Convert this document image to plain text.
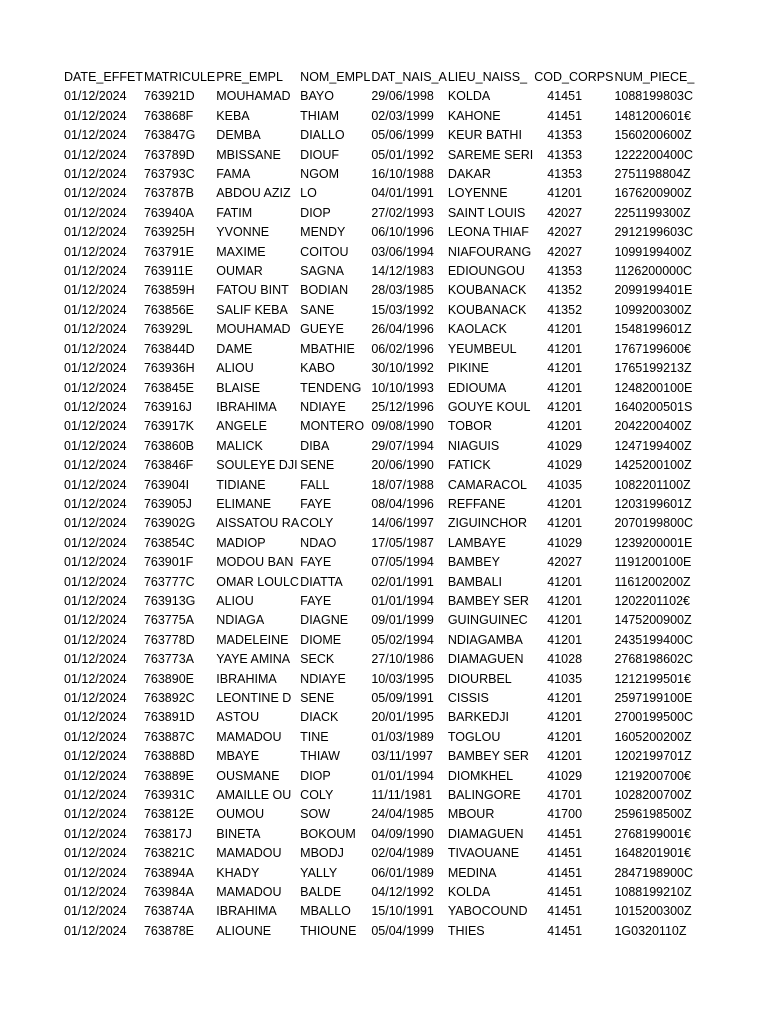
DATE_EFFET	MATRICULE	PRE_EMPL	NOM_EMPL	DAT_NAIS_A	LIEU_NAISS_	COD_CORPS	NUM_PIECE_
01/12/2024	763921D	MOUHAMAD	BAYO	29/06/1998	KOLDA	41451	1088199803C
01/12/2024	763868F	KEBA	THIAM	02/03/1999	KAHONE	41451	1481200601€
01/12/2024	763847G	DEMBA	DIALLO	05/06/1999	KEUR BATHI	41353	1560200600Z
01/12/2024	763789D	MBISSANE	DIOUF	05/01/1992	SAREME SERI	41353	1222200400C
01/12/2024	763793C	FAMA	NGOM	16/10/1988	DAKAR	41353	2751198804Z
01/12/2024	763787B	ABDOU AZIZ	LO	04/01/1991	LOYENNE	41201	1676200900Z
01/12/2024	763940A	FATIM	DIOP	27/02/1993	SAINT LOUIS	42027	2251199300Z
01/12/2024	763925H	YVONNE	MENDY	06/10/1996	LEONA THIAF	42027	2912199603C
01/12/2024	763791E	MAXIME	COITOU	03/06/1994	NIAFOURANG	42027	1099199400Z
01/12/2024	763911E	OUMAR	SAGNA	14/12/1983	EDIOUNGOU	41353	1126200000C
01/12/2024	763859H	FATOU BINT	BODIAN	28/03/1985	KOUBANACK	41352	2099199401E
01/12/2024	763856E	SALIF KEBA	SANE	15/03/1992	KOUBANACK	41352	1099200300Z
01/12/2024	763929L	MOUHAMAD	GUEYE	26/04/1996	KAOLACK	41201	1548199601Z
01/12/2024	763844D	DAME	MBATHIE	06/02/1996	YEUMBEUL	41201	1767199600€
01/12/2024	763936H	ALIOU	KABO	30/10/1992	PIKINE	41201	1765199213Z
01/12/2024	763845E	BLAISE	TENDENG	10/10/1993	EDIOUMA	41201	1248200100E
01/12/2024	763916J	IBRAHIMA	NDIAYE	25/12/1996	GOUYE KOUL	41201	1640200501S
01/12/2024	763917K	ANGELE	MONTERO	09/08/1990	TOBOR	41201	2042200400Z
01/12/2024	763860B	MALICK	DIBA	29/07/1994	NIAGUIS	41029	1247199400Z
01/12/2024	763846F	SOULEYE DJI	SENE	20/06/1990	FATICK	41029	1425200100Z
01/12/2024	763904I	TIDIANE	FALL	18/07/1988	CAMARACOL	41035	1082201100Z
01/12/2024	763905J	ELIMANE	FAYE	08/04/1996	REFFANE	41201	1203199601Z
01/12/2024	763902G	AISSATOU RA	COLY	14/06/1997	ZIGUINCHOR	41201	2070199800C
01/12/2024	763854C	MADIOP	NDAO	17/05/1987	LAMBAYE	41029	1239200001E
01/12/2024	763901F	MODOU BAN	FAYE	07/05/1994	BAMBEY	42027	1191200100E
01/12/2024	763777C	OMAR LOULC	DIATTA	02/01/1991	BAMBALI	41201	1161200200Z
01/12/2024	763913G	ALIOU	FAYE	01/01/1994	BAMBEY SER	41201	1202201102€
01/12/2024	763775A	NDIAGA	DIAGNE	09/01/1999	GUINGUINEC	41201	1475200900Z
01/12/2024	763778D	MADELEINE	DIOME	05/02/1994	NDIAGAMBA	41201	2435199400C
01/12/2024	763773A	YAYE AMINA	SECK	27/10/1986	DIAMAGUEN	41028	2768198602C
01/12/2024	763890E	IBRAHIMA	NDIAYE	10/03/1995	DIOURBEL	41035	1212199501€
01/12/2024	763892C	LEONTINE D	SENE	05/09/1991	CISSIS	41201	2597199100E
01/12/2024	763891D	ASTOU	DIACK	20/01/1995	BARKEDJI	41201	2700199500C
01/12/2024	763887C	MAMADOU	TINE	01/03/1989	TOGLOU	41201	1605200200Z
01/12/2024	763888D	MBAYE	THIAW	03/11/1997	BAMBEY SER	41201	1202199701Z
01/12/2024	763889E	OUSMANE	DIOP	01/01/1994	DIOMKHEL	41029	1219200700€
01/12/2024	763931C	AMAILLE OU	COLY	11/11/1981	BALINGORE	41701	1028200700Z
01/12/2024	763812E	OUMOU	SOW	24/04/1985	MBOUR	41700	2596198500Z
01/12/2024	763817J	BINETA	BOKOUM	04/09/1990	DIAMAGUEN	41451	2768199001€
01/12/2024	763821C	MAMADOU	MBODJ	02/04/1989	TIVAOUANE	41451	1648201901€
01/12/2024	763894A	KHADY	YALLY	06/01/1989	MEDINA	41451	2847198900C
01/12/2024	763984A	MAMADOU	BALDE	04/12/1992	KOLDA	41451	1088199210Z
01/12/2024	763874A	IBRAHIMA	MBALLO	15/10/1991	YABOCOUND	41451	1015200300Z
01/12/2024	763878E	ALIOUNE	THIOUNE	05/04/1999	THIES	41451	1G0320110Z
